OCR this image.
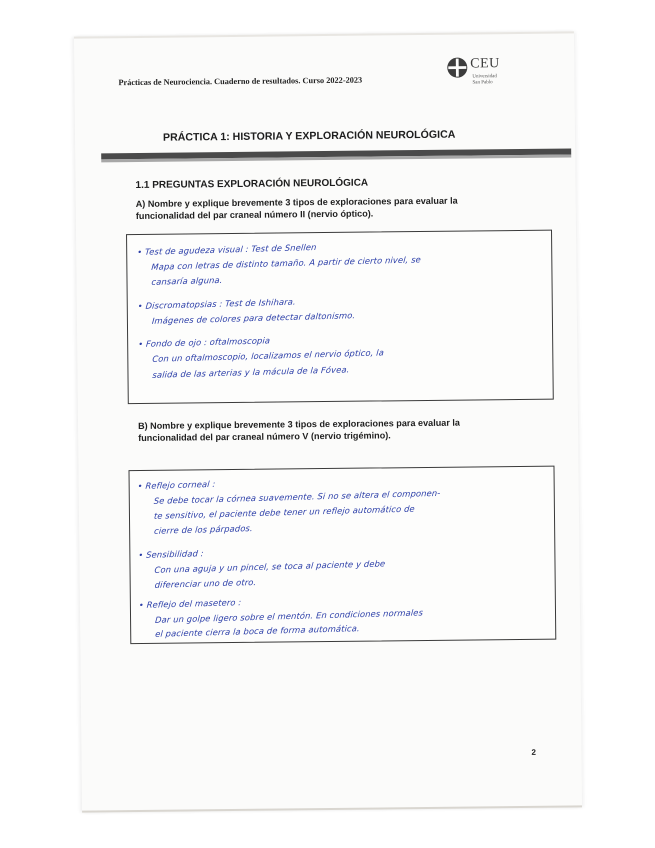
Prácticas de Neurociencia. Cuaderno de resultados. Curso 2022-2023
CEU
Universidad
San Pablo
PRÁCTICA 1: HISTORIA Y EXPLORACIÓN NEUROLÓGICA
1.1 PREGUNTAS EXPLORACIÓN NEUROLÓGICA
A) Nombre y explique brevemente 3 tipos de exploraciones para evaluar la
funcionalidad del par craneal número II (nervio óptico).
• Test de agudeza visual : Test de Snellen
Mapa con letras de distinto tamaño. A partir de cierto nivel, se
cansaría alguna.
• Discromatopsias : Test de Ishihara.
Imágenes de colores para detectar daltonismo.
• Fondo de ojo : oftalmoscopia
Con un oftalmoscopio, localizamos el nervio óptico, la
salida de las arterias y la mácula de la Fóvea.
B) Nombre y explique brevemente 3 tipos de exploraciones para evaluar la
funcionalidad del par craneal número V (nervio trigémino).
• Reflejo corneal :
Se debe tocar la córnea suavemente. Si no se altera el componen-
te sensitivo, el paciente debe tener un reflejo automático de
cierre de los párpados.
• Sensibilidad :
Con una aguja y un pincel, se toca al paciente y debe
diferenciar uno de otro.
• Reflejo del masetero :
Dar un golpe ligero sobre el mentón. En condiciones normales
el paciente cierra la boca de forma automática.
2
